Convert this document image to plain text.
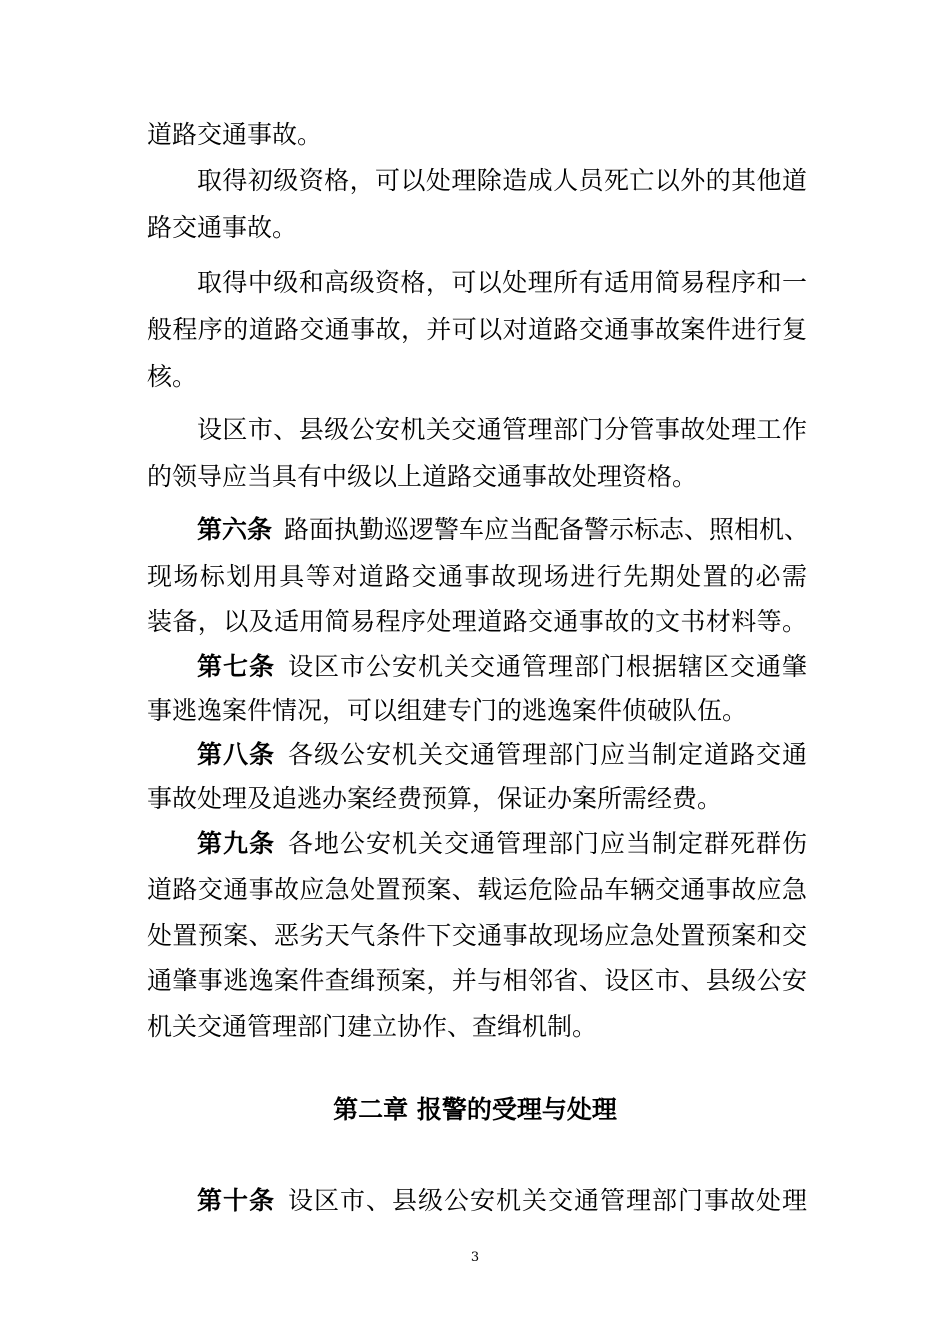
道路交通事故。
取得初级资格，可以处理除造成人员死亡以外的其他道
路交通事故。
取得中级和高级资格，可以处理所有适用简易程序和一
般程序的道路交通事故，并可以对道路交通事故案件进行复
核。
设区市、县级公安机关交通管理部门分管事故处理工作
的领导应当具有中级以上道路交通事故处理资格。
第六条 路面执勤巡逻警车应当配备警示标志、照相机、
现场标划用具等对道路交通事故现场进行先期处置的必需
装备，以及适用简易程序处理道路交通事故的文书材料等。
第七条 设区市公安机关交通管理部门根据辖区交通肇
事逃逸案件情况，可以组建专门的逃逸案件侦破队伍。
第八条 各级公安机关交通管理部门应当制定道路交通
事故处理及追逃办案经费预算，保证办案所需经费。
第九条 各地公安机关交通管理部门应当制定群死群伤
道路交通事故应急处置预案、载运危险品车辆交通事故应急
处置预案、恶劣天气条件下交通事故现场应急处置预案和交
通肇事逃逸案件查缉预案，并与相邻省、设区市、县级公安
机关交通管理部门建立协作、查缉机制。
第二章 报警的受理与处理
第十条 设区市、县级公安机关交通管理部门事故处理
3
